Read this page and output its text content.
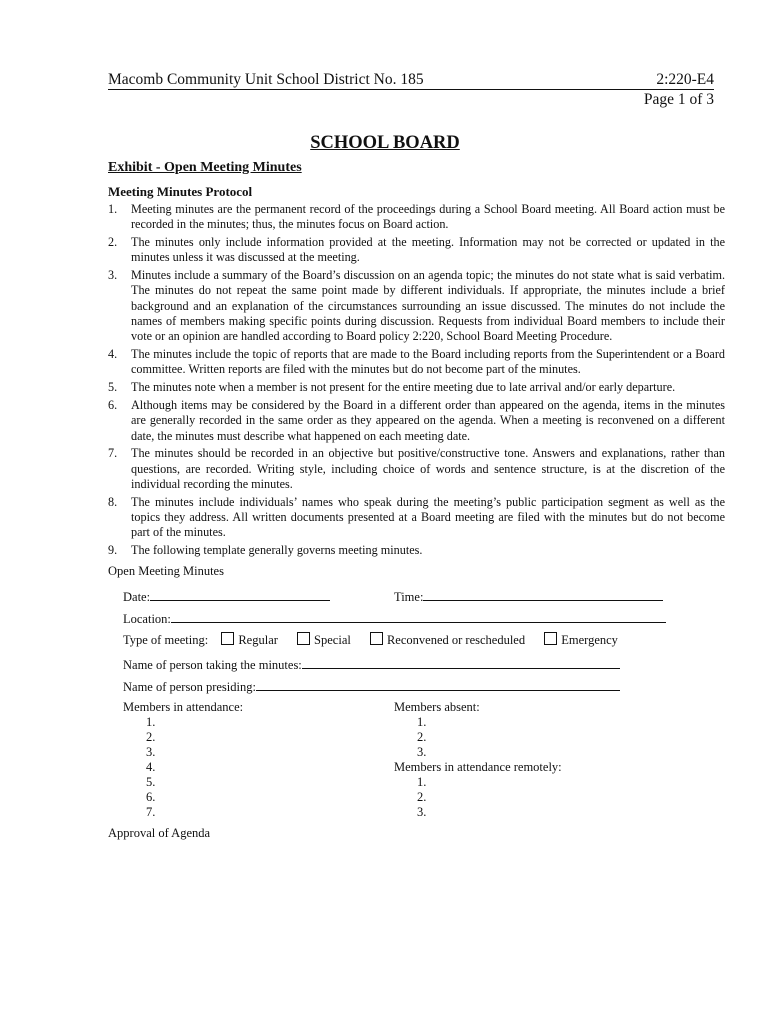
Macomb Community Unit School District No. 185	2:220-E4
Page 1 of 3
SCHOOL BOARD
Exhibit - Open Meeting Minutes
Meeting Minutes Protocol
1. Meeting minutes are the permanent record of the proceedings during a School Board meeting. All Board action must be recorded in the minutes; thus, the minutes focus on Board action.
2. The minutes only include information provided at the meeting. Information may not be corrected or updated in the minutes unless it was discussed at the meeting.
3. Minutes include a summary of the Board’s discussion on an agenda topic; the minutes do not state what is said verbatim. The minutes do not repeat the same point made by different individuals. If appropriate, the minutes include a brief background and an explanation of the circumstances surrounding an issue discussed. The minutes do not include the names of members making specific points during discussion. Requests from individual Board members to include their vote or an opinion are handled according to Board policy 2:220, School Board Meeting Procedure.
4. The minutes include the topic of reports that are made to the Board including reports from the Superintendent or a Board committee. Written reports are filed with the minutes but do not become part of the minutes.
5. The minutes note when a member is not present for the entire meeting due to late arrival and/or early departure.
6. Although items may be considered by the Board in a different order than appeared on the agenda, items in the minutes are generally recorded in the same order as they appeared on the agenda. When a meeting is reconvened on a different date, the minutes must describe what happened on each meeting date.
7. The minutes should be recorded in an objective but positive/constructive tone. Answers and explanations, rather than questions, are recorded. Writing style, including choice of words and sentence structure, is at the discretion of the individual recording the minutes.
8. The minutes include individuals’ names who speak during the meeting’s public participation segment as well as the topics they address. All written documents presented at a Board meeting are filed with the minutes but do not become part of the minutes.
9. The following template generally governs meeting minutes.
Open Meeting Minutes
Date:	Time:
Location:
Type of meeting: Regular	Special	Reconvened or rescheduled	Emergency
Name of person taking the minutes:
Name of person presiding:
Members in attendance:
1.
2.
3.
4.
5.
6.
7.
Members absent:
1.
2.
3.
Members in attendance remotely:
1.
2.
3.
Approval of Agenda
